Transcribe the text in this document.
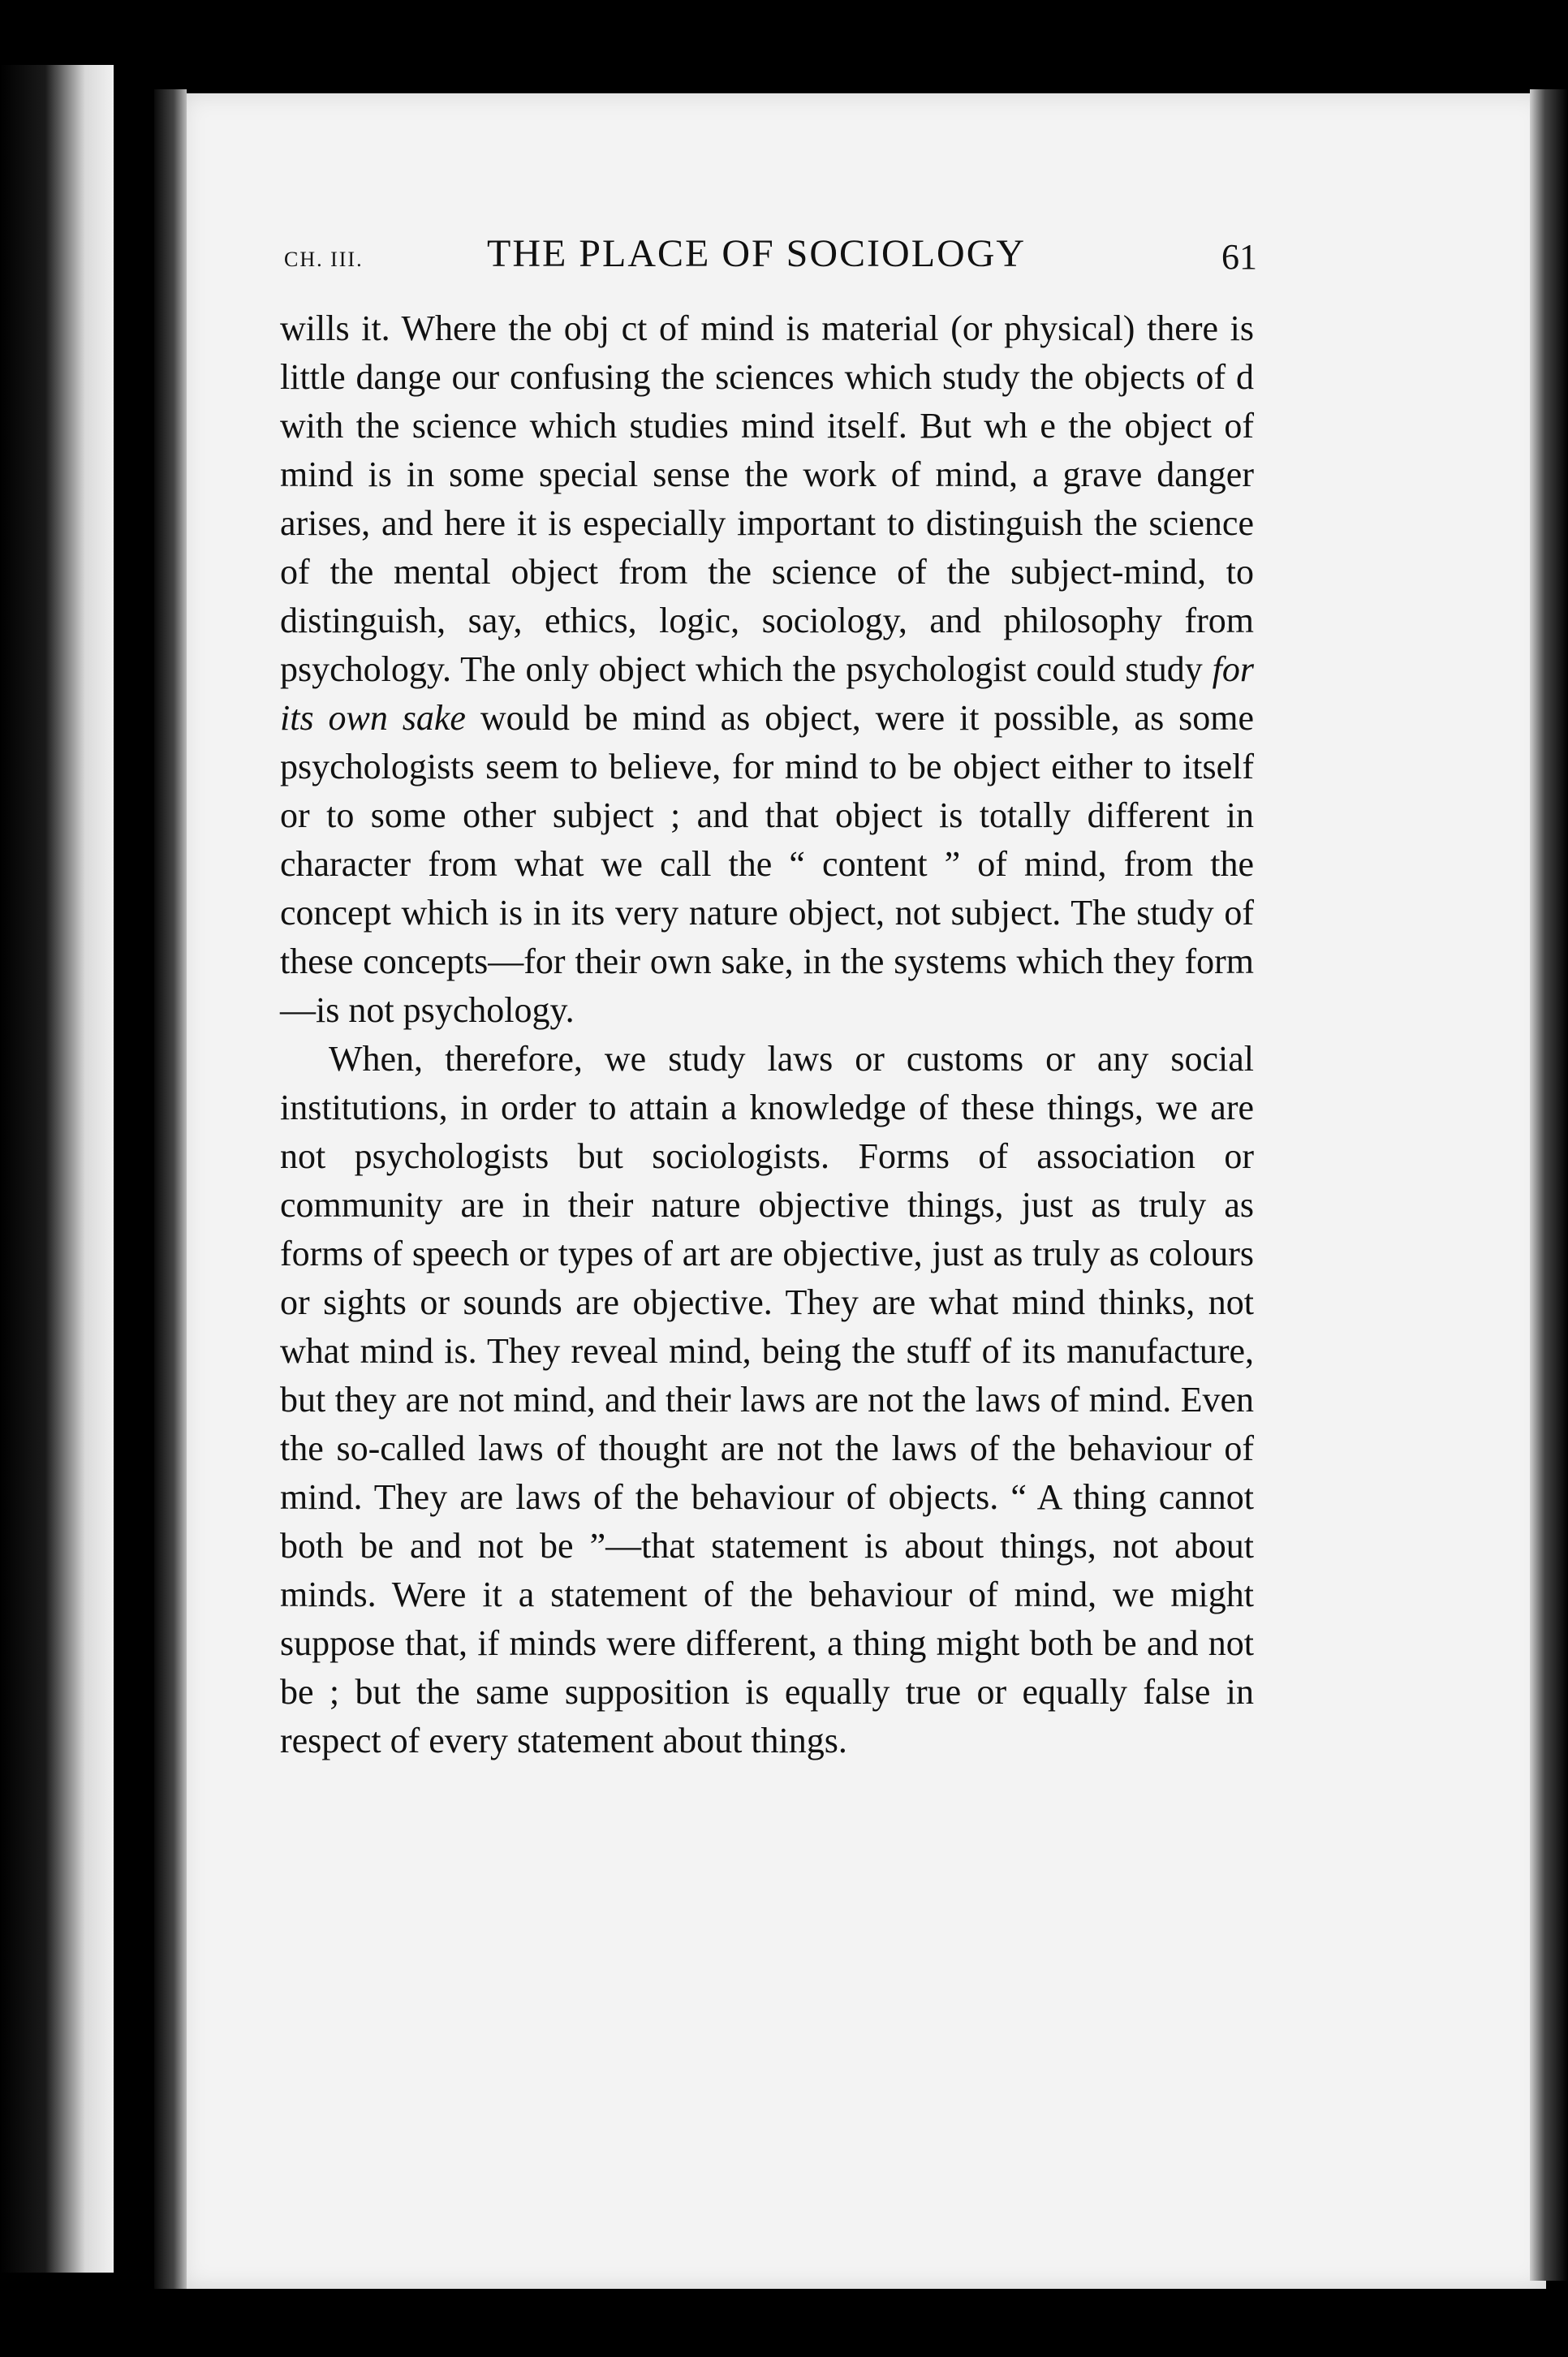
CH. III.	THE PLACE OF SOCIOLOGY	61

wills it. Where the obj ct of mind is material (or physical) there is little dange our confusing the sciences which study the objects of d with the science which studies mind itself. But wh e the object of mind is in some special sense the work of mind, a grave danger arises, and here it is especially important to distinguish the science of the mental object from the science of the subject-mind, to distinguish, say, ethics, logic, sociology, and philosophy from psychology. The only object which the psychologist could study for its own sake would be mind as object, were it possible, as some psychologists seem to believe, for mind to be object either to itself or to some other subject ; and that object is totally different in character from what we call the “ content ” of mind, from the concept which is in its very nature object, not subject. The study of these concepts—for their own sake, in the systems which they form—is not psychology.

When, therefore, we study laws or customs or any social institutions, in order to attain a knowledge of these things, we are not psychologists but sociologists. Forms of association or community are in their nature objective things, just as truly as forms of speech or types of art are objective, just as truly as colours or sights or sounds are objective. They are what mind thinks, not what mind is. They reveal mind, being the stuff of its manufacture, but they are not mind, and their laws are not the laws of mind. Even the so-called laws of thought are not the laws of the behaviour of mind. They are laws of the behaviour of objects. “ A thing cannot both be and not be ”—that statement is about things, not about minds. Were it a statement of the behaviour of mind, we might suppose that, if minds were different, a thing might both be and not be ; but the same supposition is equally true or equally false in respect of every statement about things.
